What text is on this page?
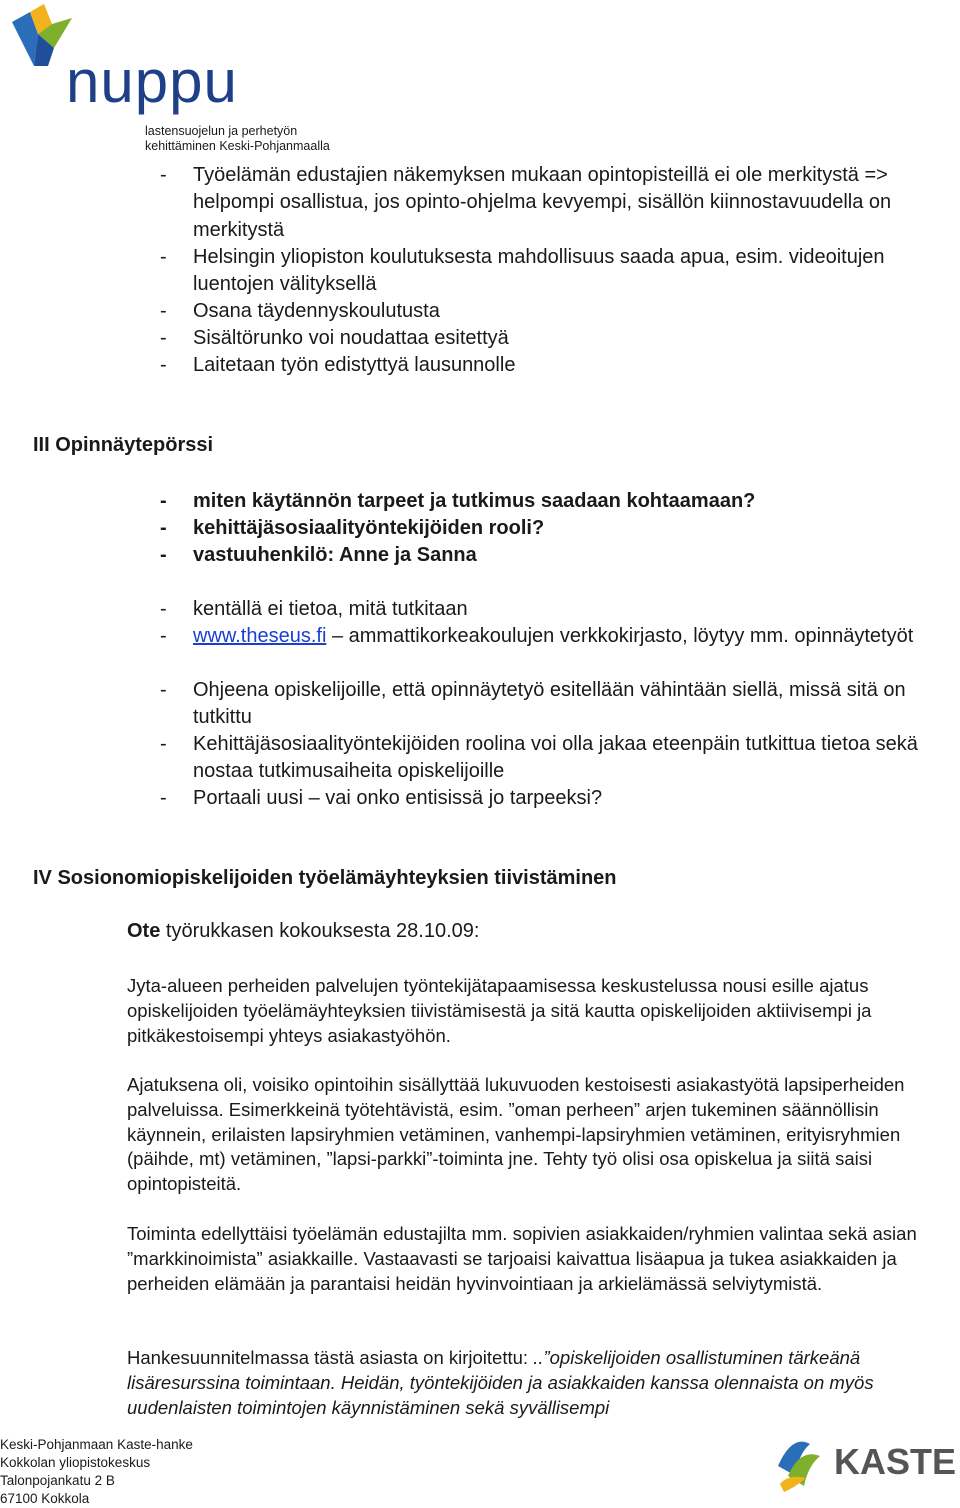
nuppu
lastensuojelun ja perhetyön
kehittäminen Keski-Pohjanmaalla
- Työelämän edustajien näkemyksen mukaan opintopisteillä ei ole merkitystä => helpompi osallistua, jos opinto-ohjelma kevyempi, sisällön kiinnostavuudella on merkitystä
- Helsingin yliopiston koulutuksesta mahdollisuus saada apua, esim. videoitujen luentojen välityksellä
- Osana täydennyskoulutusta
- Sisältörunko voi noudattaa esitettyä
- Laitetaan työn edistyttyä lausunnolle
III Opinnäytepörssi
- miten käytännön tarpeet ja tutkimus saadaan kohtaamaan?
- kehittäjäsosiaalityöntekijöiden rooli?
- vastuuhenkilö: Anne ja Sanna
- kentällä ei tietoa, mitä tutkitaan
- www.theseus.fi – ammattikorkeakoulujen verkkokirjasto, löytyy mm. opinnäytetyöt
- Ohjeena opiskelijoille, että opinnäytetyö esitellään vähintään siellä, missä sitä on tutkittu
- Kehittäjäsosiaalityöntekijöiden roolina voi olla jakaa eteenpäin tutkittua tietoa sekä nostaa tutkimusaiheita opiskelijoille
- Portaali uusi – vai onko entisissä jo tarpeeksi?
IV Sosionomiopiskelijoiden työelämäyhteyksien tiivistäminen
Ote työrukkasen kokouksesta 28.10.09:
Jyta-alueen perheiden palvelujen työntekijätapaamisessa keskustelussa nousi esille ajatus opiskelijoiden työelämäyhteyksien tiivistämisestä ja sitä kautta opiskelijoiden aktiivisempi ja pitkäkestoisempi yhteys asiakastyöhön.
Ajatuksena oli, voisiko opintoihin sisällyttää lukuvuoden kestoisesti asiakastyötä lapsiperheiden palveluissa. Esimerkkeinä työtehtävistä, esim. ”oman perheen” arjen tukeminen säännöllisin käynnein, erilaisten lapsiryhmien vetäminen, vanhempi-lapsiryhmien vetäminen, erityisryhmien (päihde, mt) vetäminen, ”lapsi-parkki”-toiminta jne. Tehty työ olisi osa opiskelua ja siitä saisi opintopisteitä.
Toiminta edellyttäisi työelämän edustajilta mm. sopivien asiakkaiden/ryhmien valintaa sekä asian ”markkinoimista” asiakkaille. Vastaavasti se tarjoaisi kaivattua lisäapua ja tukea asiakkaiden ja perheiden elämään ja parantaisi heidän hyvinvointiaan ja arkielämässä selviytymistä.
Hankesuunnitelmassa tästä asiasta on kirjoitettu: ..”opiskelijoiden osallistuminen tärkeänä lisäresurssina toimintaan. Heidän, työntekijöiden ja asiakkaiden kanssa olennaista on myös uudenlaisten toimintojen käynnistäminen sekä syvällisempi
Keski-Pohjanmaan Kaste-hanke
Kokkolan yliopistokeskus
Talonpojankatu 2 B
67100 Kokkola
KASTE
